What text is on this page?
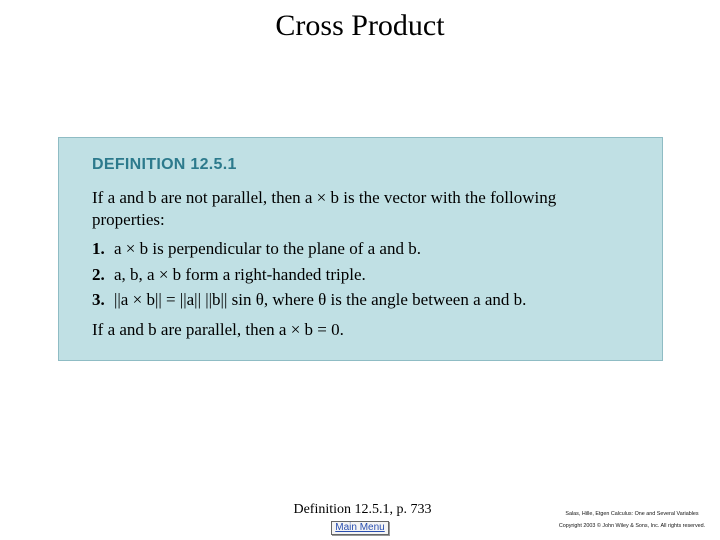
Cross Product
DEFINITION 12.5.1
If a and b are not parallel, then a × b is the vector with the following
properties:
1. a × b is perpendicular to the plane of a and b.
2. a, b, a × b form a right-handed triple.
3. ||a × b|| = ||a|| ||b|| sin θ, where θ is the angle between a and b.
If a and b are parallel, then a × b = 0.
Definition 12.5.1, p. 733
Main Menu
Salas, Hille, Etgen Calculus: One and Several Variables
Copyright 2003 © John Wiley & Sons, Inc. All rights reserved.
